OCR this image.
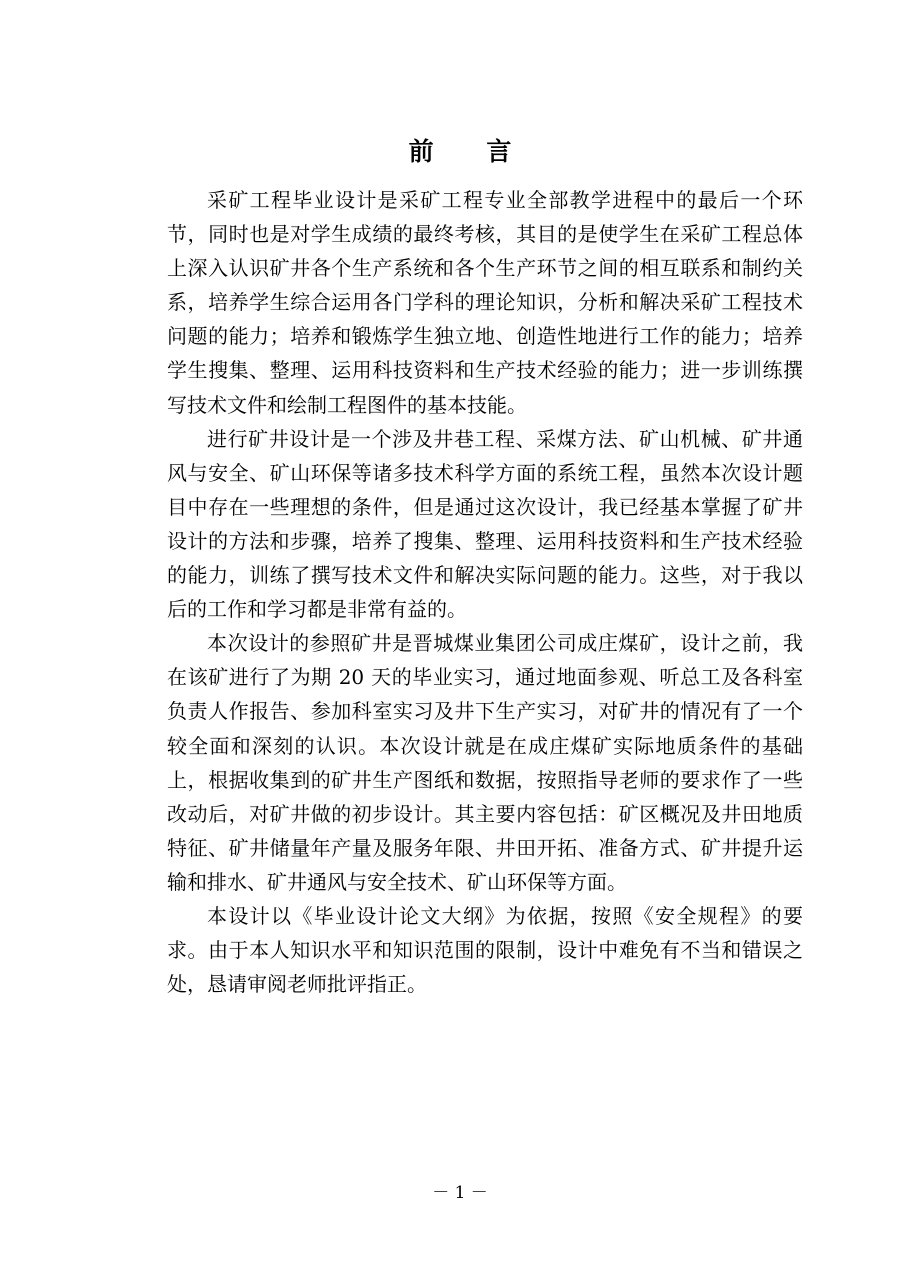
前 言

采矿工程毕业设计是采矿工程专业全部教学进程中的最后一个环节，同时也是对学生成绩的最终考核，其目的是使学生在采矿工程总体上深入认识矿井各个生产系统和各个生产环节之间的相互联系和制约关系，培养学生综合运用各门学科的理论知识，分析和解决采矿工程技术问题的能力；培养和锻炼学生独立地、创造性地进行工作的能力；培养学生搜集、整理、运用科技资料和生产技术经验的能力；进一步训练撰写技术文件和绘制工程图件的基本技能。

进行矿井设计是一个涉及井巷工程、采煤方法、矿山机械、矿井通风与安全、矿山环保等诸多技术科学方面的系统工程，虽然本次设计题目中存在一些理想的条件，但是通过这次设计，我已经基本掌握了矿井设计的方法和步骤，培养了搜集、整理、运用科技资料和生产技术经验的能力，训练了撰写技术文件和解决实际问题的能力。这些，对于我以后的工作和学习都是非常有益的。

本次设计的参照矿井是晋城煤业集团公司成庄煤矿，设计之前，我在该矿进行了为期 20 天的毕业实习，通过地面参观、听总工及各科室负责人作报告、参加科室实习及井下生产实习，对矿井的情况有了一个较全面和深刻的认识。本次设计就是在成庄煤矿实际地质条件的基础上，根据收集到的矿井生产图纸和数据，按照指导老师的要求作了一些改动后，对矿井做的初步设计。其主要内容包括：矿区概况及井田地质特征、矿井储量年产量及服务年限、井田开拓、准备方式、矿井提升运输和排水、矿井通风与安全技术、矿山环保等方面。

本设计以《毕业设计论文大纲》为依据，按照《安全规程》的要求。由于本人知识水平和知识范围的限制，设计中难免有不当和错误之处，恳请审阅老师批评指正。

－ 1 －
